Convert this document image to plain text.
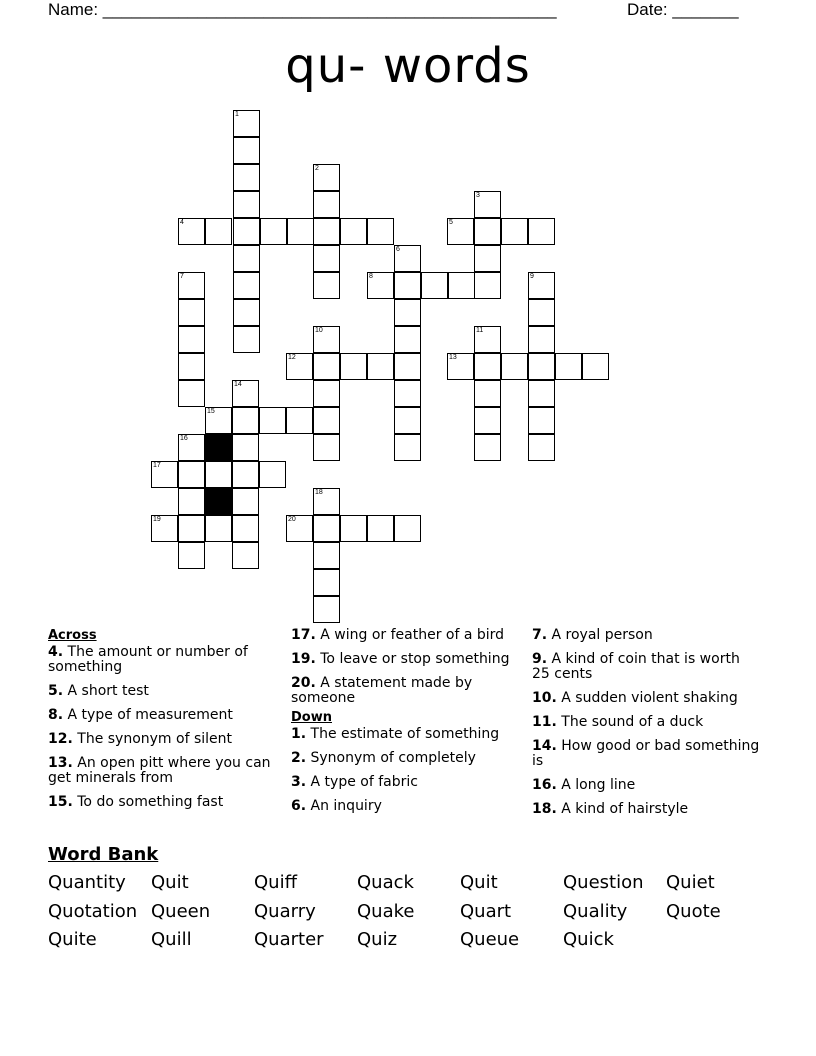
Name: ________________________________________________	Date: _______
qu- words
1
2
3
4	5
6
7	8	9
10	11
12	13
14
15
16
17
19
18
20
Across
4. The amount or number of something
5. A short test
8. A type of measurement
12. The synonym of silent
13. An open pitt where you can get minerals from
15. To do something fast
17. A wing or feather of a bird
19. To leave or stop something
20. A statement made by someone
Down
1. The estimate of something
2. Synonym of completely
3. A type of fabric
6. An inquiry
7. A royal person
9. A kind of coin that is worth 25 cents
10. A sudden violent shaking
11. The sound of a duck
14. How good or bad something is
16. A long line
18. A kind of hairstyle
Word Bank
Quantity Quit	Quiff	Quack	Quit	Question Quiet
Quotation Queen Quarry Quake	Quart	Quality Quote
Quite	Quill	Quarter Quiz	Queue Quick
